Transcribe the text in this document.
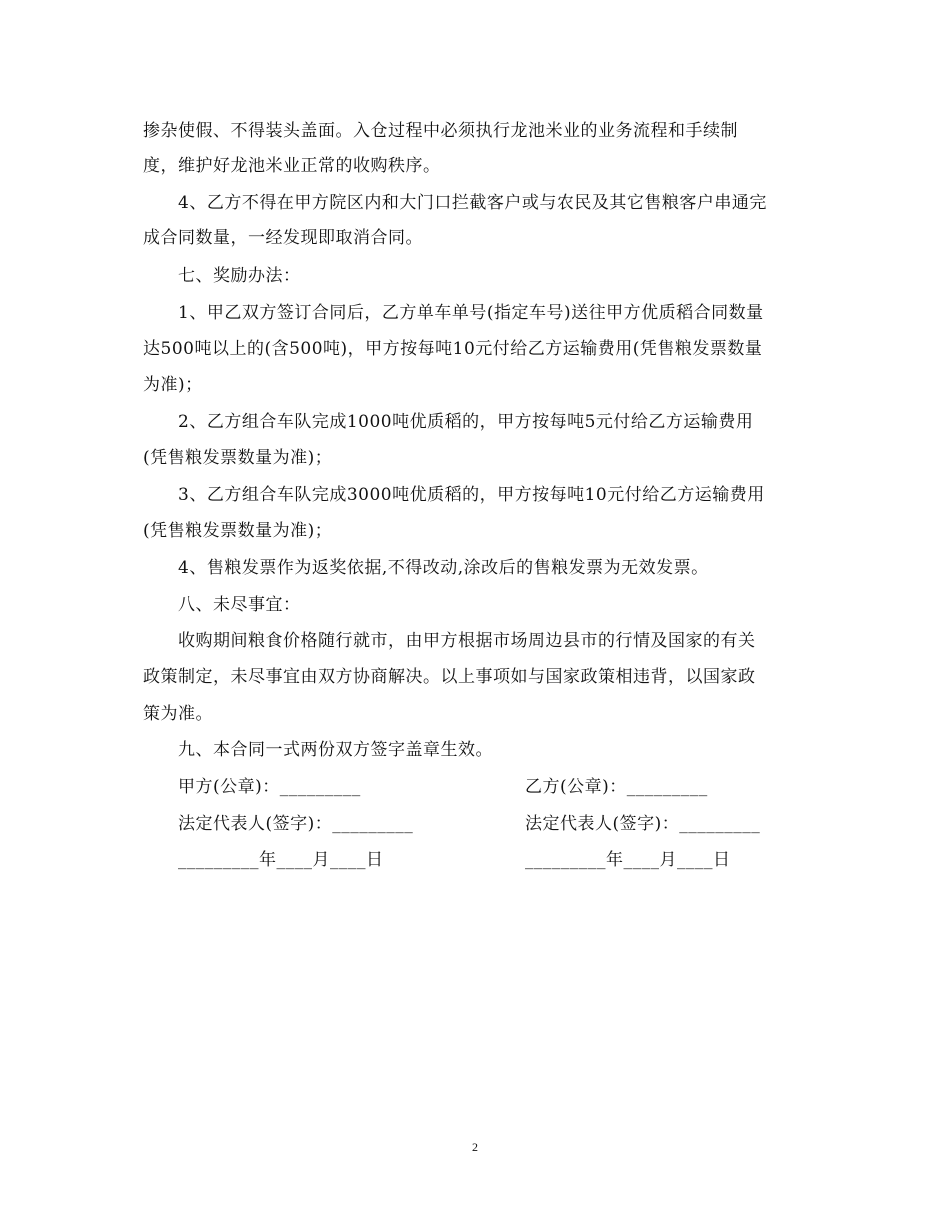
掺杂使假、不得装头盖面。入仓过程中必须执行龙池米业的业务流程和手续制

度，维护好龙池米业正常的收购秩序。

4、乙方不得在甲方院区内和大门口拦截客户或与农民及其它售粮客户串通完

成合同数量，一经发现即取消合同。

七、奖励办法：

1、甲乙双方签订合同后，乙方单车单号(指定车号)送往甲方优质稻合同数量

达500吨以上的(含500吨)，甲方按每吨10元付给乙方运输费用(凭售粮发票数量

为准)；

2、乙方组合车队完成1000吨优质稻的，甲方按每吨5元付给乙方运输费用

(凭售粮发票数量为准)；

3、乙方组合车队完成3000吨优质稻的，甲方按每吨10元付给乙方运输费用

(凭售粮发票数量为准)；

4、售粮发票作为返奖依据,不得改动,涂改后的售粮发票为无效发票。

八、未尽事宜：

收购期间粮食价格随行就市，由甲方根据市场周边县市的行情及国家的有关

政策制定，未尽事宜由双方协商解决。以上事项如与国家政策相违背，以国家政

策为准。

九、本合同一式两份双方签字盖章生效。

甲方(公章)：_________	乙方(公章)：_________

法定代表人(签字)：_________	法定代表人(签字)：_________

_________年____月____日	_________年____月____日

2
